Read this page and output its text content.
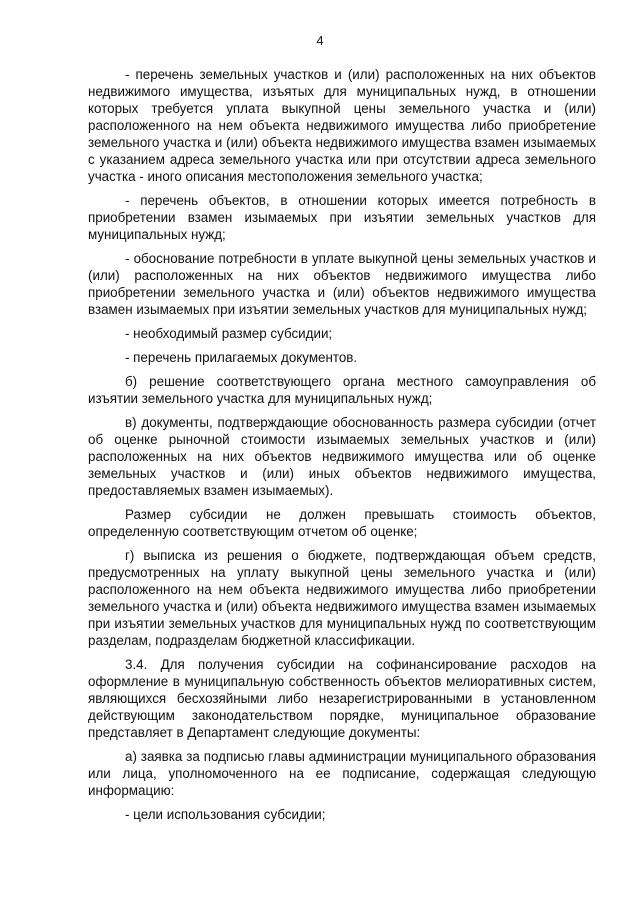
4

- перечень земельных участков и (или) расположенных на них объектов недвижимого имущества, изъятых для муниципальных нужд, в отношении которых требуется уплата выкупной цены земельного участка и (или) расположенного на нем объекта недвижимого имущества либо приобретение земельного участка и (или) объекта недвижимого имущества взамен изымаемых с указанием адреса земельного участка или при отсутствии адреса земельного участка - иного описания местоположения земельного участка;

- перечень объектов, в отношении которых имеется потребность в приобретении взамен изымаемых при изъятии земельных участков для муниципальных нужд;

- обоснование потребности в уплате выкупной цены земельных участков и (или) расположенных на них объектов недвижимого имущества либо приобретении земельного участка и (или) объектов недвижимого имущества взамен изымаемых при изъятии земельных участков для муниципальных нужд;

- необходимый размер субсидии;

- перечень прилагаемых документов.

б) решение соответствующего органа местного самоуправления об изъятии земельного участка для муниципальных нужд;

в) документы, подтверждающие обоснованность размера субсидии (отчет об оценке рыночной стоимости изымаемых земельных участков и (или) расположенных на них объектов недвижимого имущества или об оценке земельных участков и (или) иных объектов недвижимого имущества, предоставляемых взамен изымаемых).

Размер субсидии не должен превышать стоимость объектов, определенную соответствующим отчетом об оценке;

г) выписка из решения о бюджете, подтверждающая объем средств, предусмотренных на уплату выкупной цены земельного участка и (или) расположенного на нем объекта недвижимого имущества либо приобретении земельного участка и (или) объекта недвижимого имущества взамен изымаемых при изъятии земельных участков для муниципальных нужд по соответствующим разделам, подразделам бюджетной классификации.

3.4. Для получения субсидии на софинансирование расходов на оформление в муниципальную собственность объектов мелиоративных систем, являющихся бесхозяйными либо незарегистрированными в установленном действующим законодательством порядке, муниципальное образование представляет в Департамент следующие документы:

а) заявка за подписью главы администрации муниципального образования или лица, уполномоченного на ее подписание, содержащая следующую информацию:

- цели использования субсидии;
